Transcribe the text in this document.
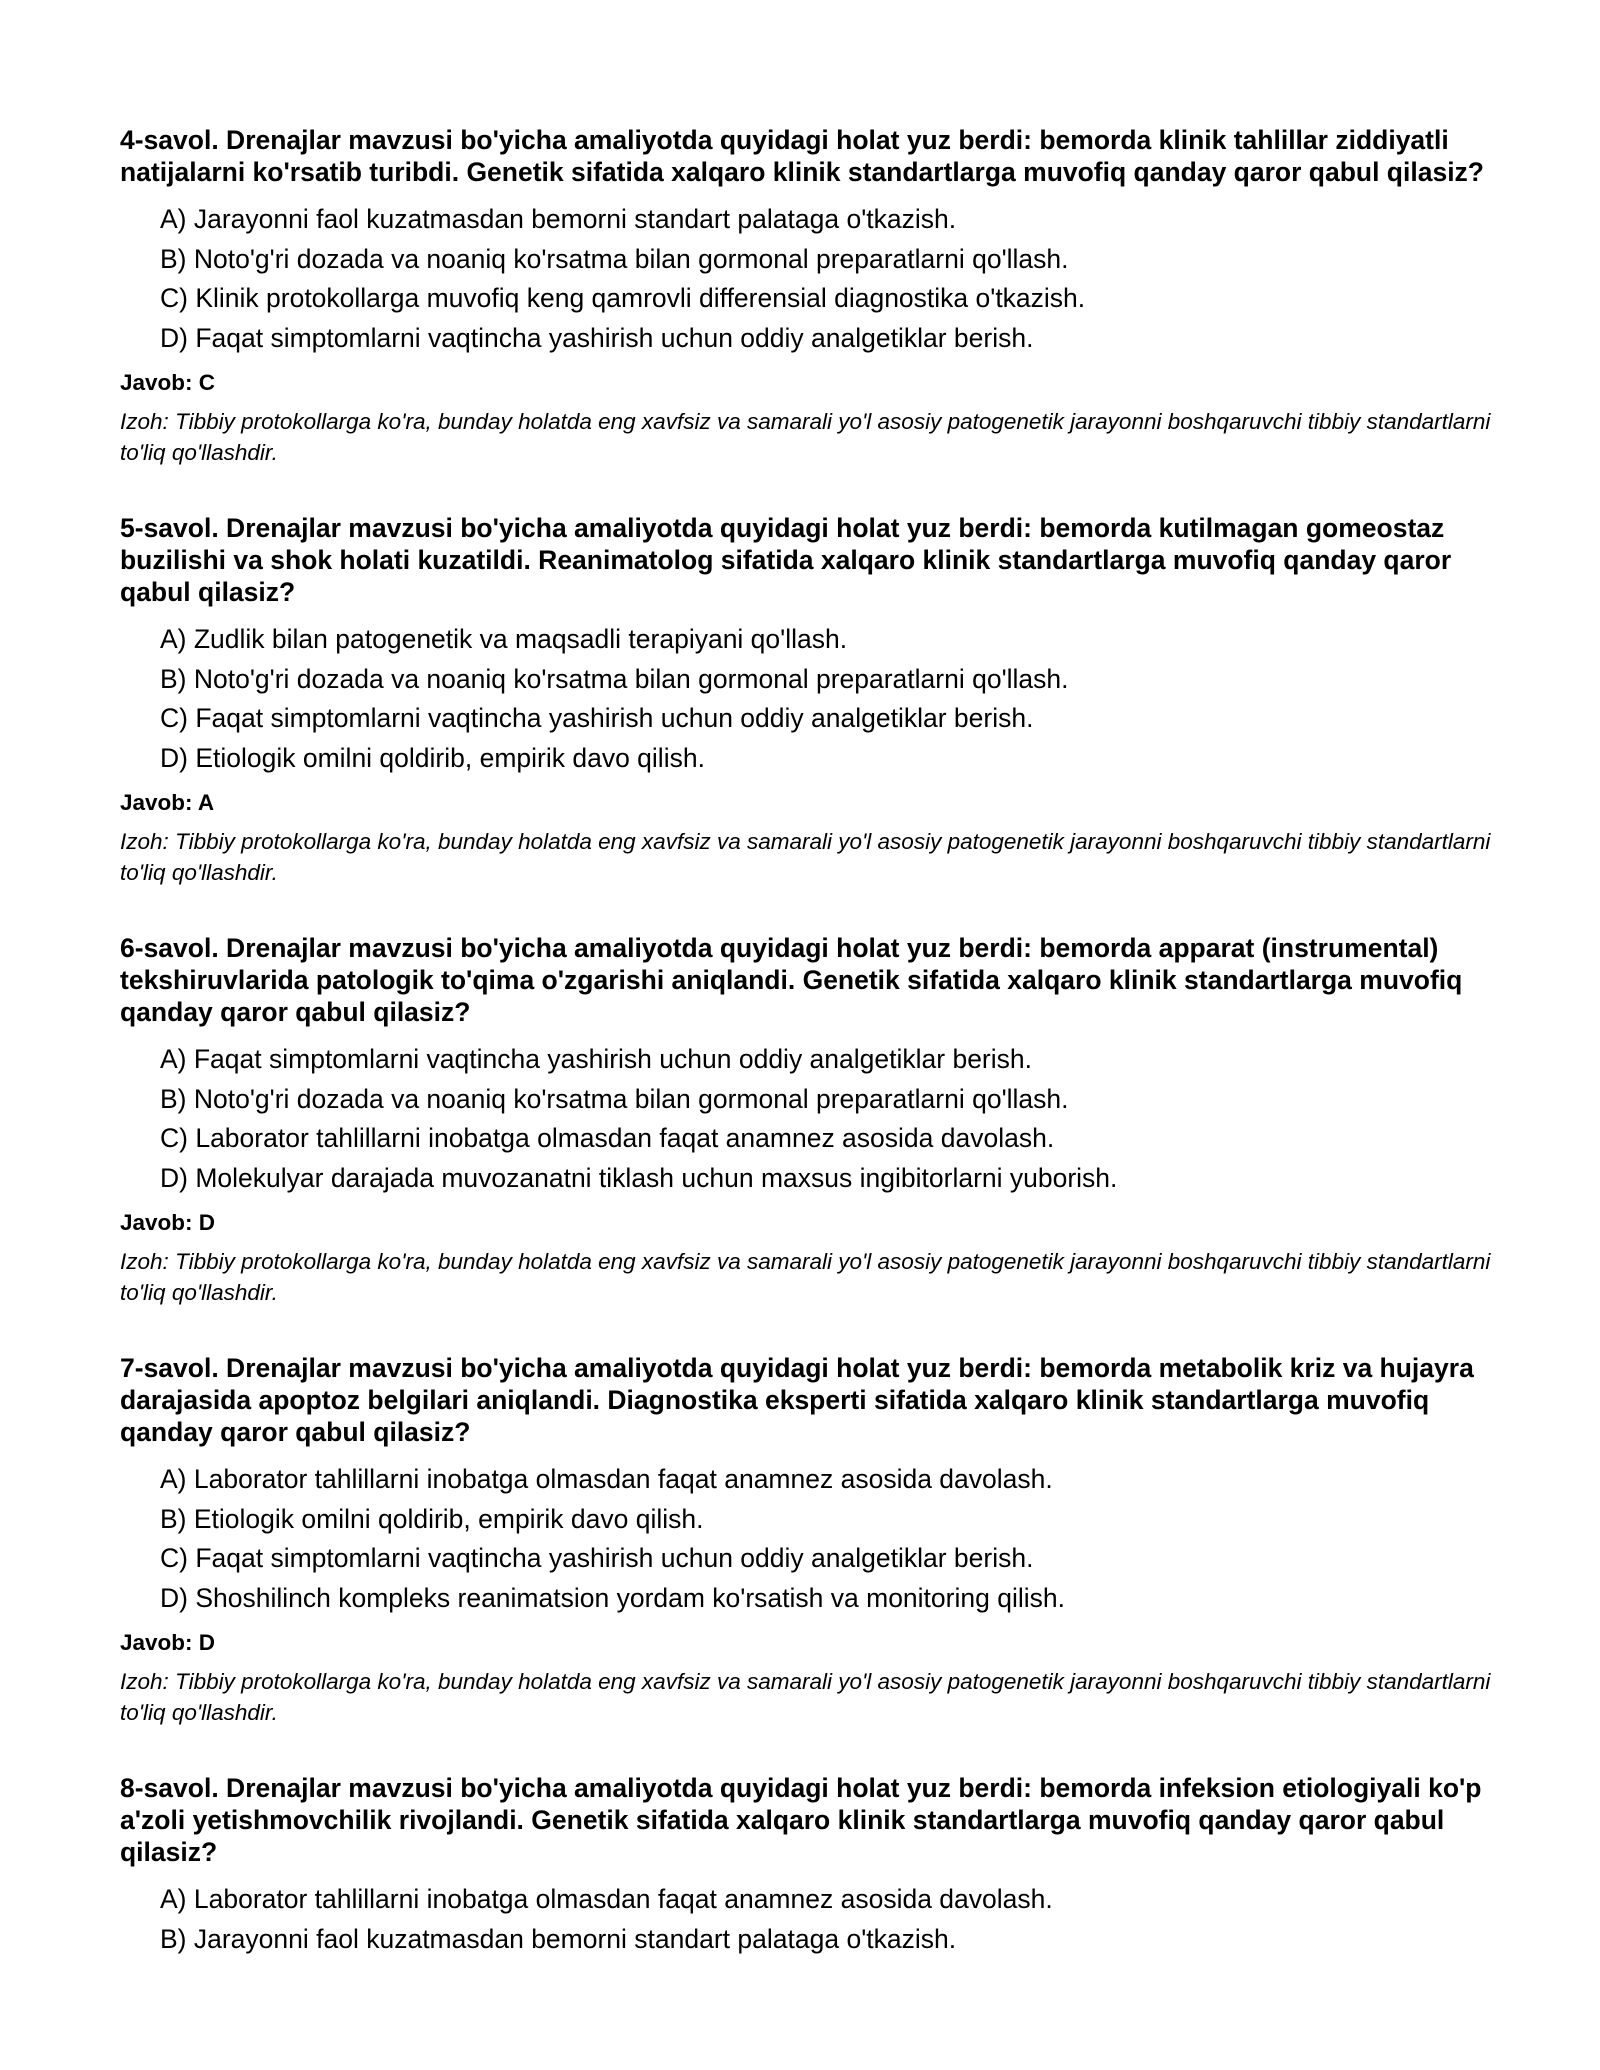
4-savol. Drenajlar mavzusi bo'yicha amaliyotda quyidagi holat yuz berdi: bemorda klinik tahlillar ziddiyatli natijalarni ko'rsatib turibdi. Genetik sifatida xalqaro klinik standartlarga muvofiq qanday qaror qabul qilasiz?

A) Jarayonni faol kuzatmasdan bemorni standart palataga o'tkazish.
B) Noto'g'ri dozada va noaniq ko'rsatma bilan gormonal preparatlarni qo'llash.
C) Klinik protokollarga muvofiq keng qamrovli differensial diagnostika o'tkazish.
D) Faqat simptomlarni vaqtincha yashirish uchun oddiy analgetiklar berish.

Javob: C

Izoh: Tibbiy protokollarga ko'ra, bunday holatda eng xavfsiz va samarali yo'l asosiy patogenetik jarayonni boshqaruvchi tibbiy standartlarni to'liq qo'llashdir.

5-savol. Drenajlar mavzusi bo'yicha amaliyotda quyidagi holat yuz berdi: bemorda kutilmagan gomeostaz buzilishi va shok holati kuzatildi. Reanimatolog sifatida xalqaro klinik standartlarga muvofiq qanday qaror qabul qilasiz?

A) Zudlik bilan patogenetik va maqsadli terapiyani qo'llash.
B) Noto'g'ri dozada va noaniq ko'rsatma bilan gormonal preparatlarni qo'llash.
C) Faqat simptomlarni vaqtincha yashirish uchun oddiy analgetiklar berish.
D) Etiologik omilni qoldirib, empirik davo qilish.

Javob: A

Izoh: Tibbiy protokollarga ko'ra, bunday holatda eng xavfsiz va samarali yo'l asosiy patogenetik jarayonni boshqaruvchi tibbiy standartlarni to'liq qo'llashdir.

6-savol. Drenajlar mavzusi bo'yicha amaliyotda quyidagi holat yuz berdi: bemorda apparat (instrumental) tekshiruvlarida patologik to'qima o'zgarishi aniqlandi. Genetik sifatida xalqaro klinik standartlarga muvofiq qanday qaror qabul qilasiz?

A) Faqat simptomlarni vaqtincha yashirish uchun oddiy analgetiklar berish.
B) Noto'g'ri dozada va noaniq ko'rsatma bilan gormonal preparatlarni qo'llash.
C) Laborator tahlillarni inobatga olmasdan faqat anamnez asosida davolash.
D) Molekulyar darajada muvozanatni tiklash uchun maxsus ingibitorlarni yuborish.

Javob: D

Izoh: Tibbiy protokollarga ko'ra, bunday holatda eng xavfsiz va samarali yo'l asosiy patogenetik jarayonni boshqaruvchi tibbiy standartlarni to'liq qo'llashdir.

7-savol. Drenajlar mavzusi bo'yicha amaliyotda quyidagi holat yuz berdi: bemorda metabolik kriz va hujayra darajasida apoptoz belgilari aniqlandi. Diagnostika eksperti sifatida xalqaro klinik standartlarga muvofiq qanday qaror qabul qilasiz?

A) Laborator tahlillarni inobatga olmasdan faqat anamnez asosida davolash.
B) Etiologik omilni qoldirib, empirik davo qilish.
C) Faqat simptomlarni vaqtincha yashirish uchun oddiy analgetiklar berish.
D) Shoshilinch kompleks reanimatsion yordam ko'rsatish va monitoring qilish.

Javob: D

Izoh: Tibbiy protokollarga ko'ra, bunday holatda eng xavfsiz va samarali yo'l asosiy patogenetik jarayonni boshqaruvchi tibbiy standartlarni to'liq qo'llashdir.

8-savol. Drenajlar mavzusi bo'yicha amaliyotda quyidagi holat yuz berdi: bemorda infeksion etiologiyali ko'p a'zoli yetishmovchilik rivojlandi. Genetik sifatida xalqaro klinik standartlarga muvofiq qanday qaror qabul qilasiz?

A) Laborator tahlillarni inobatga olmasdan faqat anamnez asosida davolash.
B) Jarayonni faol kuzatmasdan bemorni standart palataga o'tkazish.
